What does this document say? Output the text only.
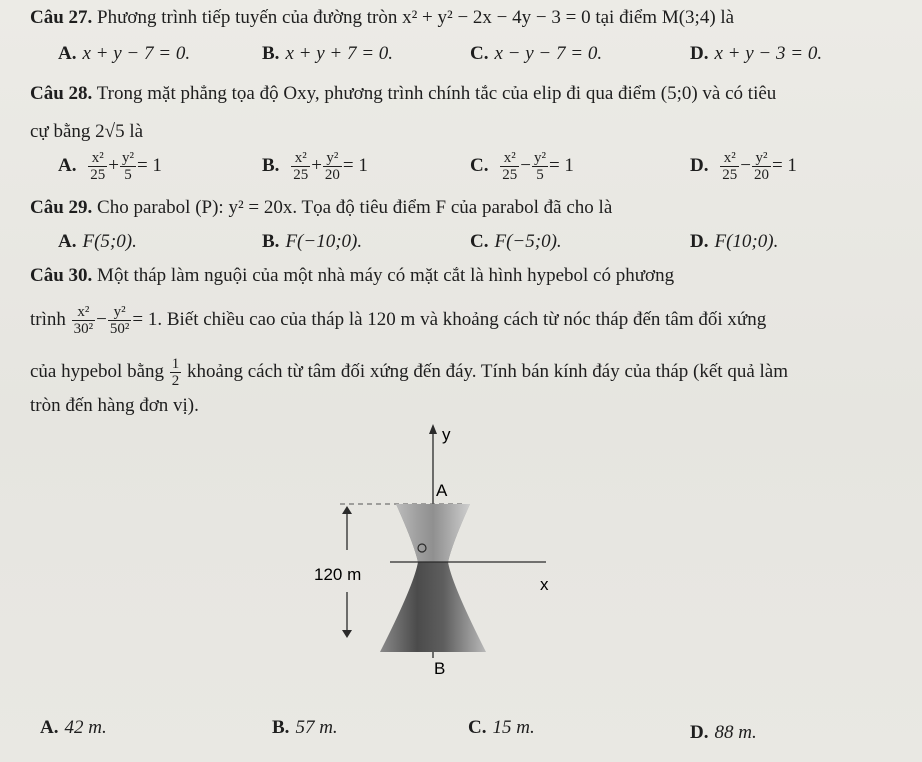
Câu 27. Phương trình tiếp tuyến của đường tròn x² + y² − 2x − 4y − 3 = 0 tại điểm M(3;4) là
A. x + y − 7 = 0.	B. x + y + 7 = 0.	C. x − y − 7 = 0.	D. x + y − 3 = 0.
Câu 28. Trong mặt phẳng tọa độ Oxy, phương trình chính tắc của elip đi qua điểm (5;0) và có tiêu
cự bằng 2√5 là
A. $\frac{\text{x²}}{25} + \frac{\text{y²}}{5} = 1$	B. $\frac{\text{x²}}{25} + \frac{\text{y²}}{20} = 1$	C. $\frac{\text{x²}}{25} - \frac{\text{y²}}{5} = 1$	D. $\frac{\text{x²}}{25} - \frac{\text{y²}}{20} = 1$
Câu 29. Cho parabol (P): y² = 20x. Tọa độ tiêu điểm F của parabol đã cho là
A. F(5;0).	B. F(−10;0).	C. F(−5;0).	D. F(10;0).
Câu 30. Một tháp làm nguội của một nhà máy có mặt cắt là hình hypebol có phương
trình $\frac{\text{x²}}{\text{30²}} - \frac{\text{y²}}{\text{50²}} = 1$. Biết chiều cao của tháp là 120 m và khoảng cách từ nóc tháp đến tâm đối xứng
của hypebol bằng $\frac{1}{2}$ khoảng cách từ tâm đối xứng đến đáy. Tính bán kính đáy của tháp (kết quả làm
tròn đến hàng đơn vị).
y
x
A
B
120 m
A. 42 m.	B. 57 m.	C. 15 m.	D. 88 m.
